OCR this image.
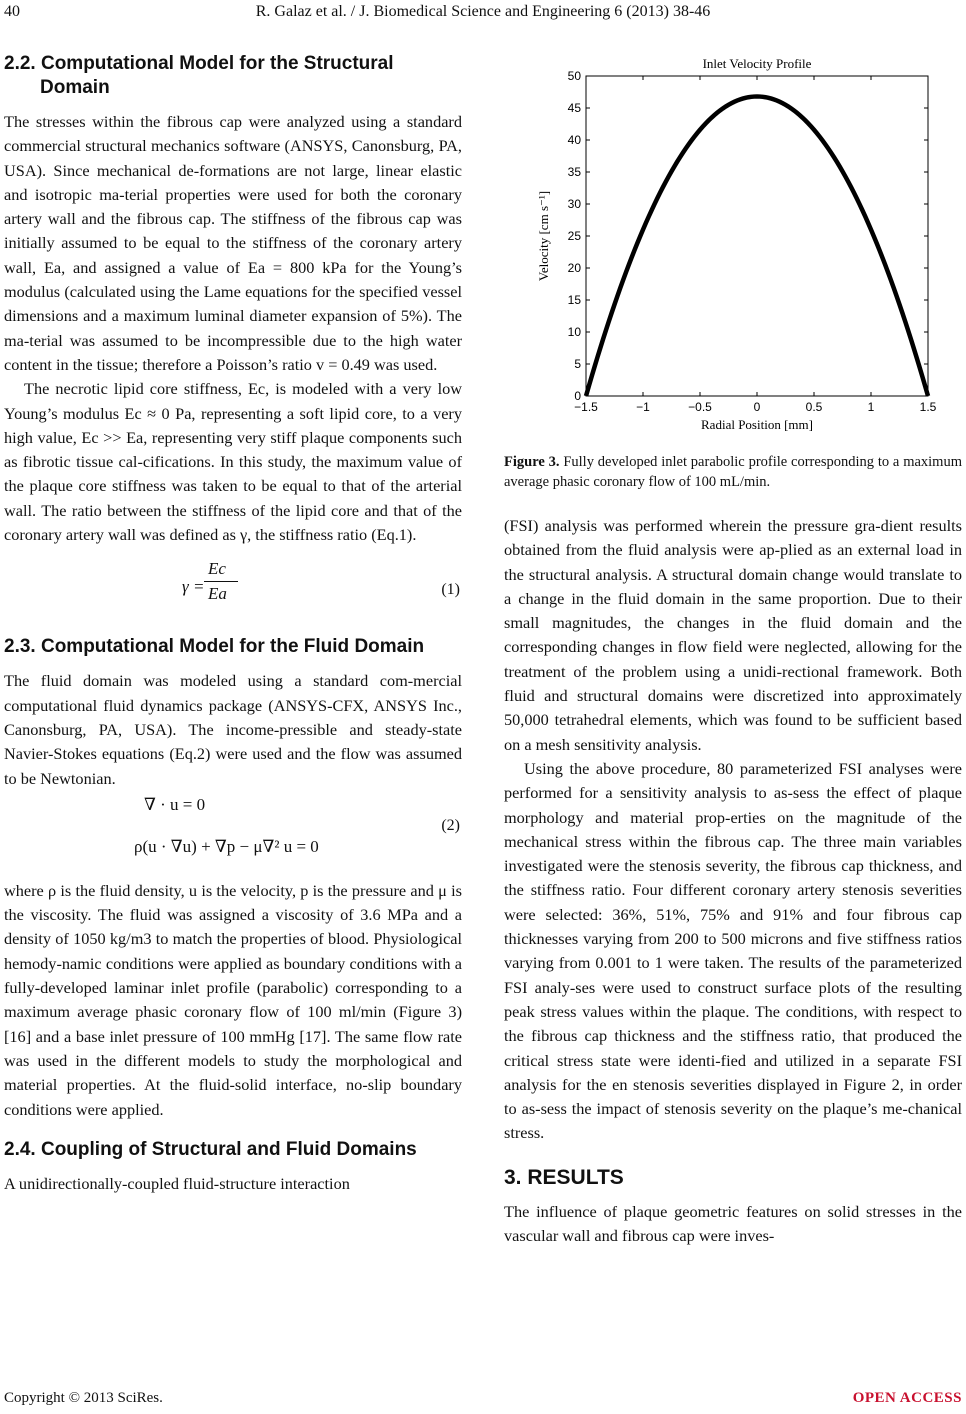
40	R. Galaz et al. / J. Biomedical Science and Engineering 6 (2013) 38-46
2.2. Computational Model for the Structural Domain

The stresses within the fibrous cap were analyzed using a standard commercial structural mechanics software (ANSYS, Canonsburg, PA, USA). Since mechanical de-formations are not large, linear elastic and isotropic ma-terial properties were used for both the coronary artery wall and the fibrous cap. The stiffness of the fibrous cap was initially assumed to be equal to the stiffness of the coronary artery wall, Ea, and assigned a value of Ea = 800 kPa for the Young’s modulus (calculated using the Lame equations for the specified vessel dimensions and a maximum luminal diameter expansion of 5%). The ma-terial was assumed to be incompressible due to the high water content in the tissue; therefore a Poisson’s ratio v = 0.49 was used.

The necrotic lipid core stiffness, Ec, is modeled with a very low Young’s modulus Ec ≈ 0 Pa, representing a soft lipid core, to a very high value, Ec >> Ea, representing very stiff plaque components such as fibrotic tissue cal-cifications. In this study, the maximum value of the plaque core stiffness was taken to be equal to that of the arterial wall. The ratio between the stiffness of the lipid core and that of the coronary artery wall was defined as γ, the stiffness ratio (Eq.1).

γ =
Ec
Ea	(1)
2.3. Computational Model for the Fluid Domain

The fluid domain was modeled using a standard com-mercial computational fluid dynamics package (ANSYS-CFX, ANSYS Inc., Canonsburg, PA, USA). The income-pressible and steady-state Navier-Stokes equations (Eq.2) were used and the flow was assumed to be Newtonian.

∇ · u = 0
ρ(u · ∇u) + ∇p − μ∇² u = 0
(2)

where ρ is the fluid density, u is the velocity, p is the pressure and μ is the viscosity. The fluid was assigned a viscosity of 3.6 MPa and a density of 1050 kg/m3 to match the properties of blood. Physiological hemody-namic conditions were applied as boundary conditions with a fully-developed laminar inlet profile (parabolic) corresponding to a maximum average phasic coronary flow of 100 ml/min (Figure 3) [16] and a base inlet pressure of 100 mmHg [17]. The same flow rate was used in the different models to study the morphological and material properties. At the fluid-solid interface, no-slip boundary conditions were applied.

2.4. Coupling of Structural and Fluid Domains

A unidirectionally-coupled fluid-structure interaction

Inlet Velocity Profile
−1.5	−1	−0.5	0	0.5	1	1.5
0
5
10
15
20
25
30
35
40
45
50
Radial Position [mm]
Velocity [cm s⁻¹]

Figure 3. Fully developed inlet parabolic profile corresponding to a maximum average phasic coronary flow of 100 mL/min.

(FSI) analysis was performed wherein the pressure gra-dient results obtained from the fluid analysis were ap-plied as an external load in the structural analysis. A structural domain change would translate to a change in the fluid domain in the same proportion. Due to their small magnitudes, the changes in the fluid domain and the corresponding changes in flow field were neglected, allowing for the treatment of the problem using a unidi-rectional framework. Both fluid and structural domains were discretized into approximately 50,000 tetrahedral elements, which was found to be sufficient based on a mesh sensitivity analysis.

Using the above procedure, 80 parameterized FSI analyses were performed for a sensitivity analysis to as-sess the effect of plaque morphology and material prop-erties on the magnitude of the mechanical stress within the fibrous cap. The three main variables investigated were the stenosis severity, the fibrous cap thickness, and the stiffness ratio. Four different coronary artery stenosis severities were selected: 36%, 51%, 75% and 91% and four fibrous cap thicknesses varying from 200 to 500 microns and five stiffness ratios varying from 0.001 to 1 were taken. The results of the parameterized FSI analy-ses were used to construct surface plots of the resulting peak stress values within the plaque. The conditions, with respect to the fibrous cap thickness and the stiffness ratio, that produced the critical stress state were identi-fied and utilized in a separate FSI analysis for the en stenosis severities displayed in Figure 2, in order to as-sess the impact of stenosis severity on the plaque’s me-chanical stress.

3. RESULTS

The influence of plaque geometric features on solid stresses in the vascular wall and fibrous cap were inves-

Copyright © 2013 SciRes.	OPEN ACCESS
